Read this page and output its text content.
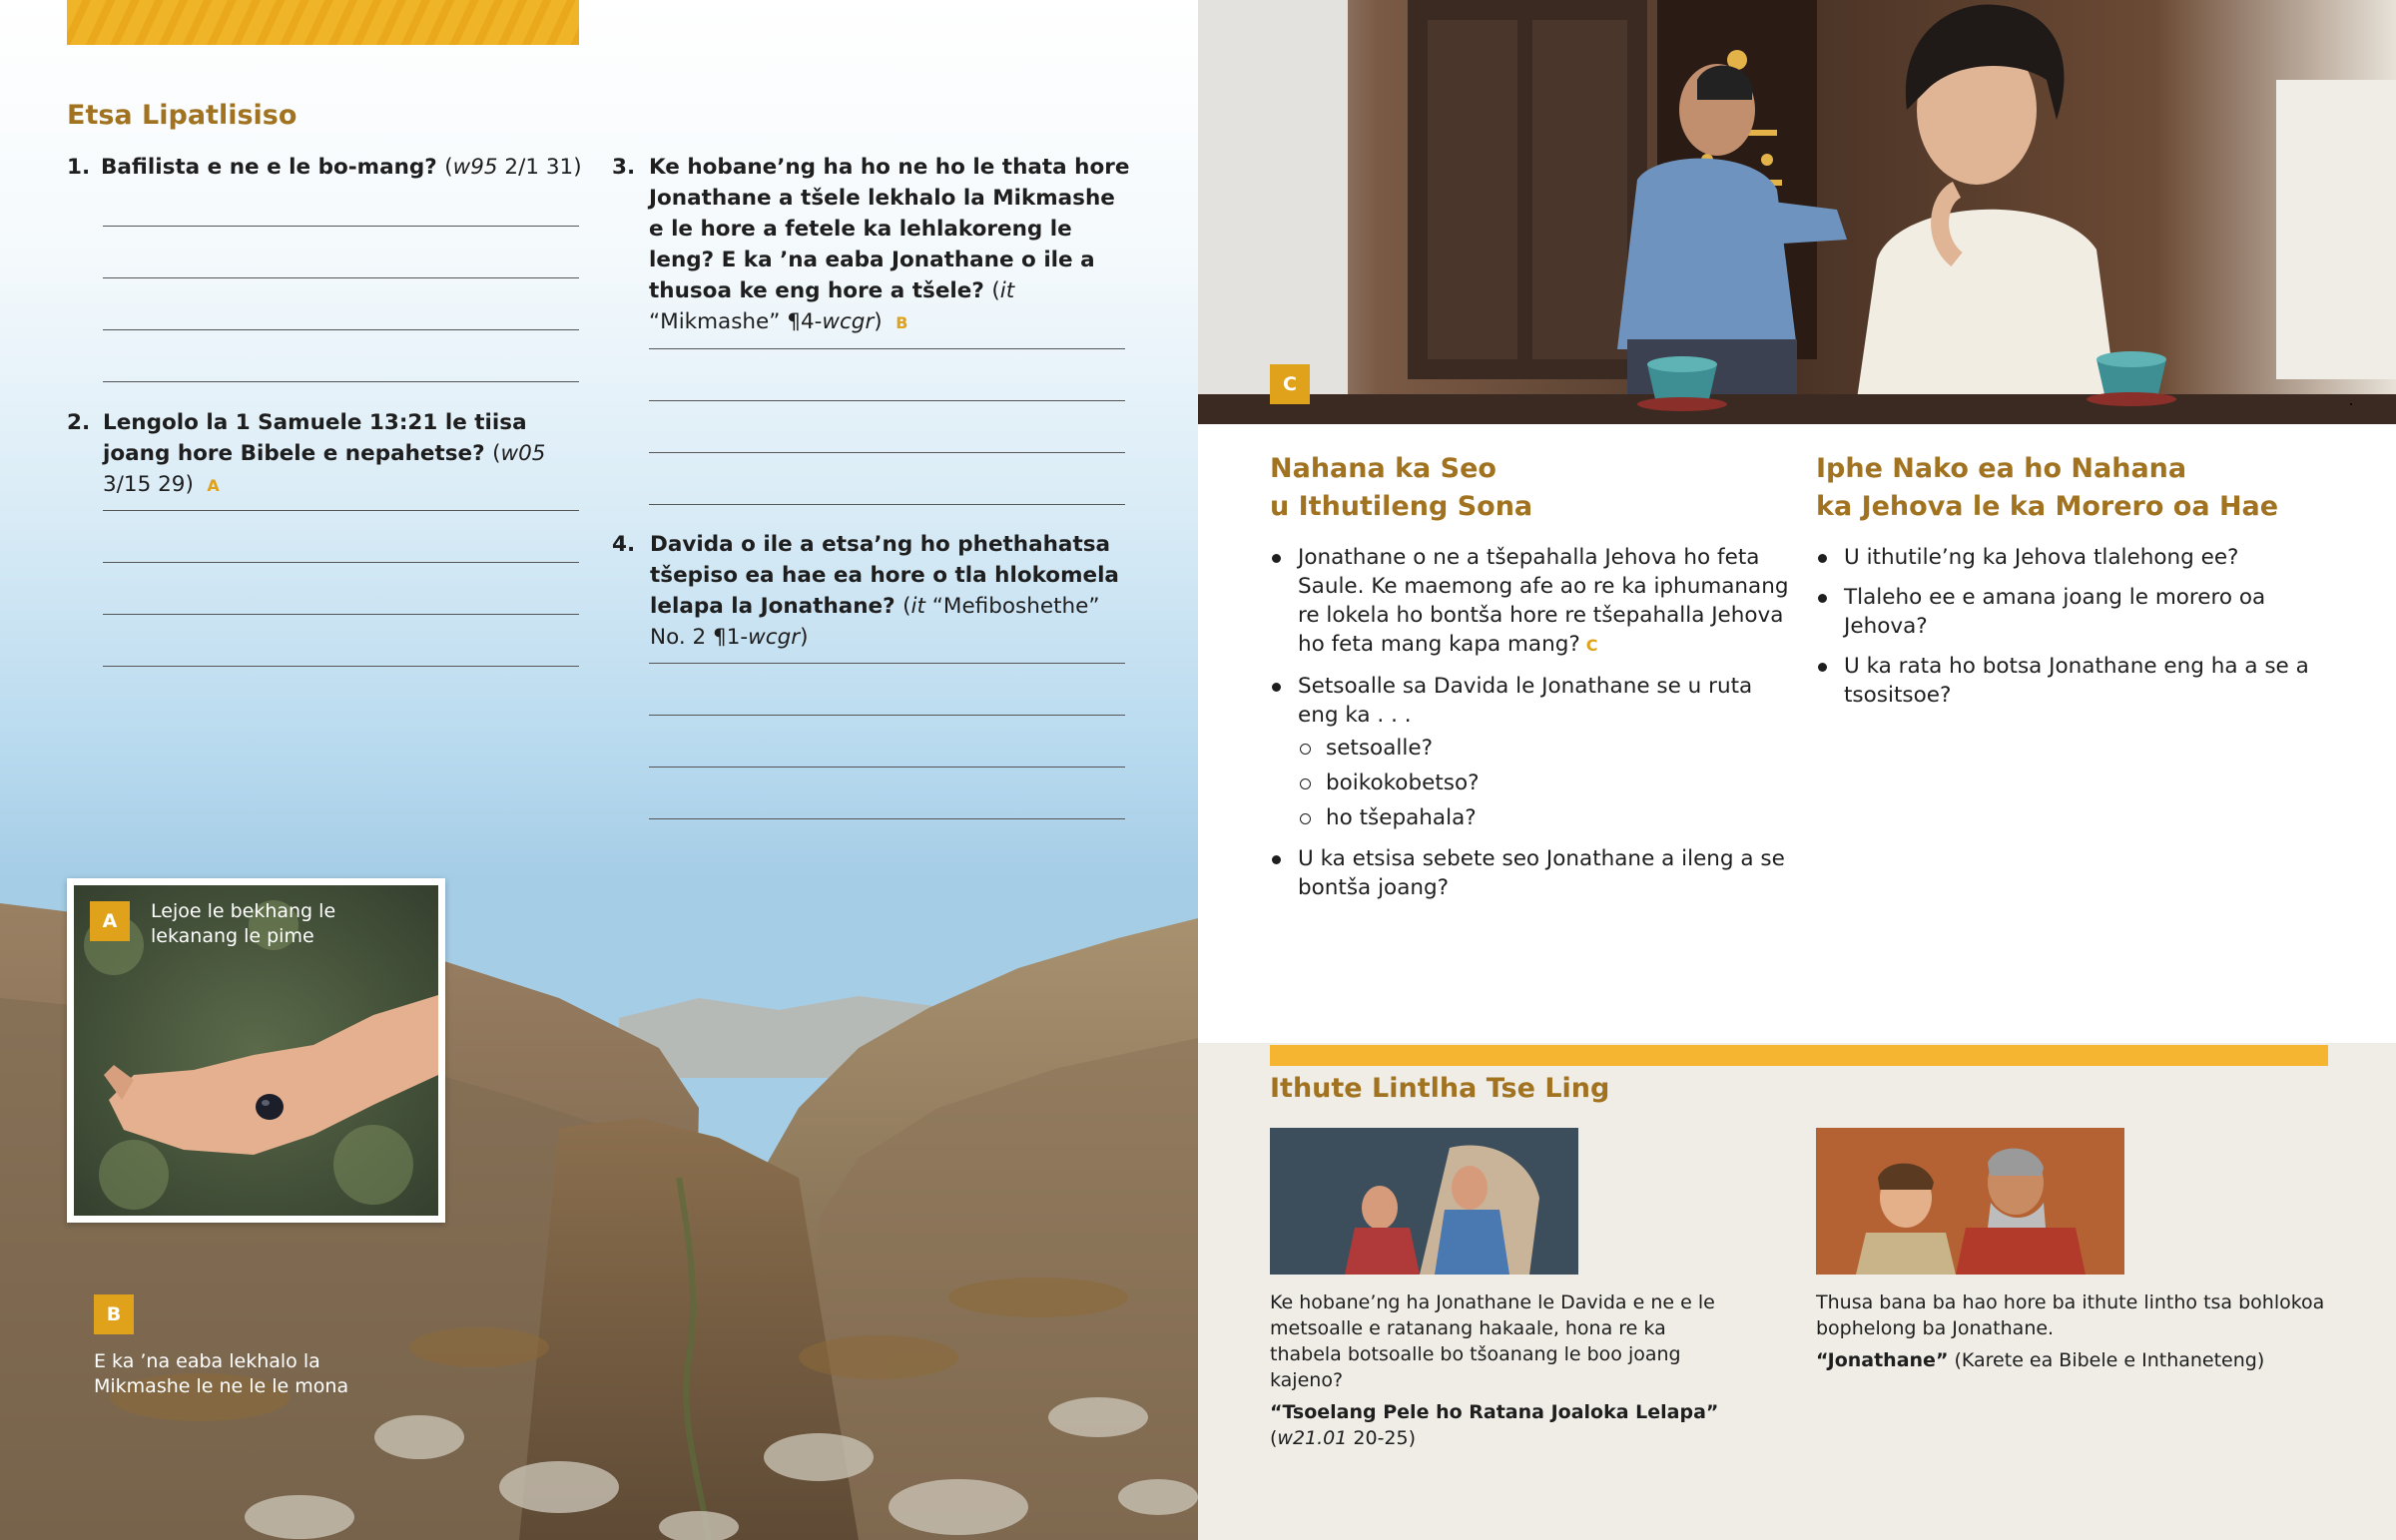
Etsa Lipatlisiso
1. Bafilista e ne e le bo-mang? (w95 2/1 31)
2. Lengolo la 1 Samuele 13:21 le tiisa joang hore Bibele e nepahetse? (w05 3/15 29) A
3. Ke hobane’ng ha ho ne ho le thata hore Jonathane a tšele lekhalo la Mikmashe e le hore a fetele ka lehlakoreng le leng? E ka ’na eaba Jonathane o ile a thusoa ke eng hore a tšele? (it “Mikmashe” ¶4-wcgr) B
4. Davida o ile a etsa’ng ho phethahatsa tšepiso ea hae ea hore o tla hlokomela lelapa la Jonathane? (it “Mefiboshethe” No. 2 ¶1-wcgr)
A	Lejoe le bekhang le lekanang le pime
B
E ka ’na eaba lekhalo la Mikmashe le ne le le mona
C
Nahana ka Seo
u Ithutileng Sona
Jonathane o ne a tšepahalla Jehova ho feta Saule. Ke maemong afe ao re ka iphumanang re lokela ho bontša hore re tšepahalla Jehova ho feta mang kapa mang? C
Setsoalle sa Davida le Jonathane se u ruta eng ka . . .
setsoalle?
boikokobetso?
ho tšepahala?
U ka etsisa sebete seo Jonathane a ileng a se bontša joang?
Iphe Nako ea ho Nahana
ka Jehova le ka Morero oa Hae
U ithutile’ng ka Jehova tlalehong ee?
Tlaleho ee e amana joang le morero oa Jehova?
U ka rata ho botsa Jonathane eng ha a se a tsositsoe?
Ithute Lintlha Tse Ling
Ke hobane’ng ha Jonathane le Davida e ne e le metsoalle e ratanang hakaale, hona re ka thabela botsoalle bo tšoanang le boo joang kajeno?
“Tsoelang Pele ho Ratana Joaloka Lelapa”
(w21.01 20-25)
Thusa bana ba hao hore ba ithute lintho tsa bohlokoa bophelong ba Jonathane.
“Jonathane” (Karete ea Bibele e Inthaneteng)
